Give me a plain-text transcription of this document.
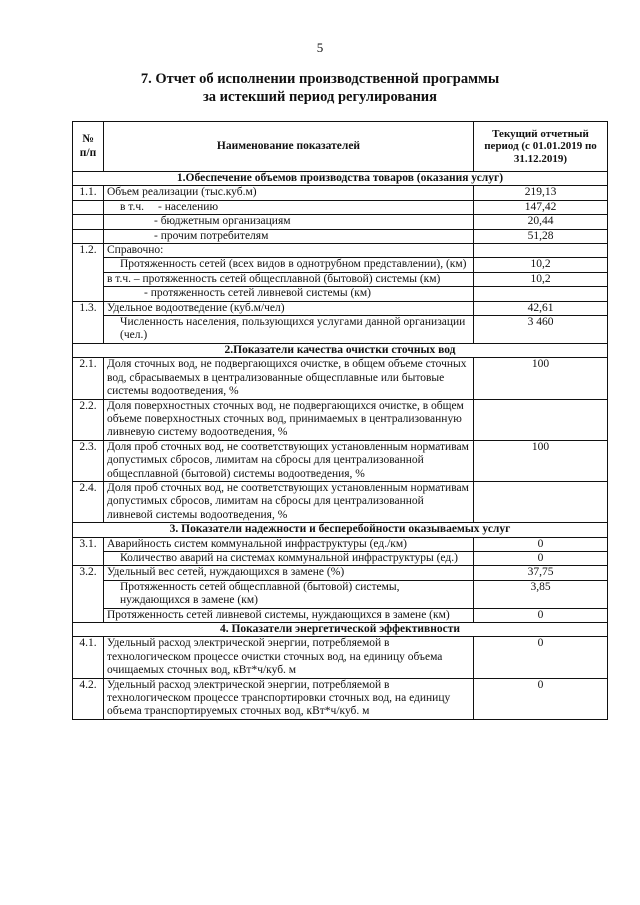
5
7. Отчет об исполнении производственной программы
за истекший период регулирования
№ п/п	Наименование показателей	Текущий отчетный период (с 01.01.2019 по 31.12.2019)
1.Обеспечение объемов производства товаров (оказания услуг)		
1.1.	Объем реализации (тыс.куб.м)	219,13
	в т.ч. - населению	147,42
	- бюджетным организациям	20,44
	- прочим потребителям	51,28
1.2.	Справочно:	
	Протяженность сетей (всех видов в однотрубном представлении), (км)	10,2
	в т.ч. – протяженность сетей общесплавной (бытовой) системы (км)	10,2
	- протяженность сетей ливневой системы (км)	
1.3.	Удельное водоотведение (куб.м/чел)	42,61
	Численность населения, пользующихся услугами данной организации (чел.)	3 460
2.Показатели качества очистки сточных вод		
2.1.	Доля сточных вод, не подвергающихся очистке, в общем объеме сточных вод, сбрасываемых в централизованные общесплавные или бытовые системы водоотведения, %	100
2.2.	Доля поверхностных сточных вод, не подвергающихся очистке, в общем объеме поверхностных сточных вод, принимаемых в централизованную ливневую систему водоотведения, %	
2.3.	Доля проб сточных вод, не соответствующих установленным нормативам допустимых сбросов, лимитам на сбросы для централизованной общесплавной (бытовой) системы водоотведения, %	100
2.4.	Доля проб сточных вод, не соответствующих установленным нормативам допустимых сбросов, лимитам на сбросы для централизованной ливневой системы водоотведения, %	
3. Показатели надежности и бесперебойности оказываемых услуг		
3.1.	Аварийность систем коммунальной инфраструктуры (ед./км)	0
	Количество аварий на системах коммунальной инфраструктуры (ед.)	0
3.2.	Удельный вес сетей, нуждающихся в замене (%)	37,75
	Протяженность сетей общесплавной (бытовой) системы, нуждающихся в замене (км)	3,85
	Протяженность сетей ливневой системы, нуждающихся в замене (км)	0
4. Показатели энергетической эффективности		
4.1.	Удельный расход электрической энергии, потребляемой в технологическом процессе очистки сточных вод, на единицу объема очищаемых сточных вод, кВт*ч/куб. м	0
4.2.	Удельный расход электрической энергии, потребляемой в технологическом процессе транспортировки сточных вод, на единицу объема транспортируемых сточных вод, кВт*ч/куб. м	0
